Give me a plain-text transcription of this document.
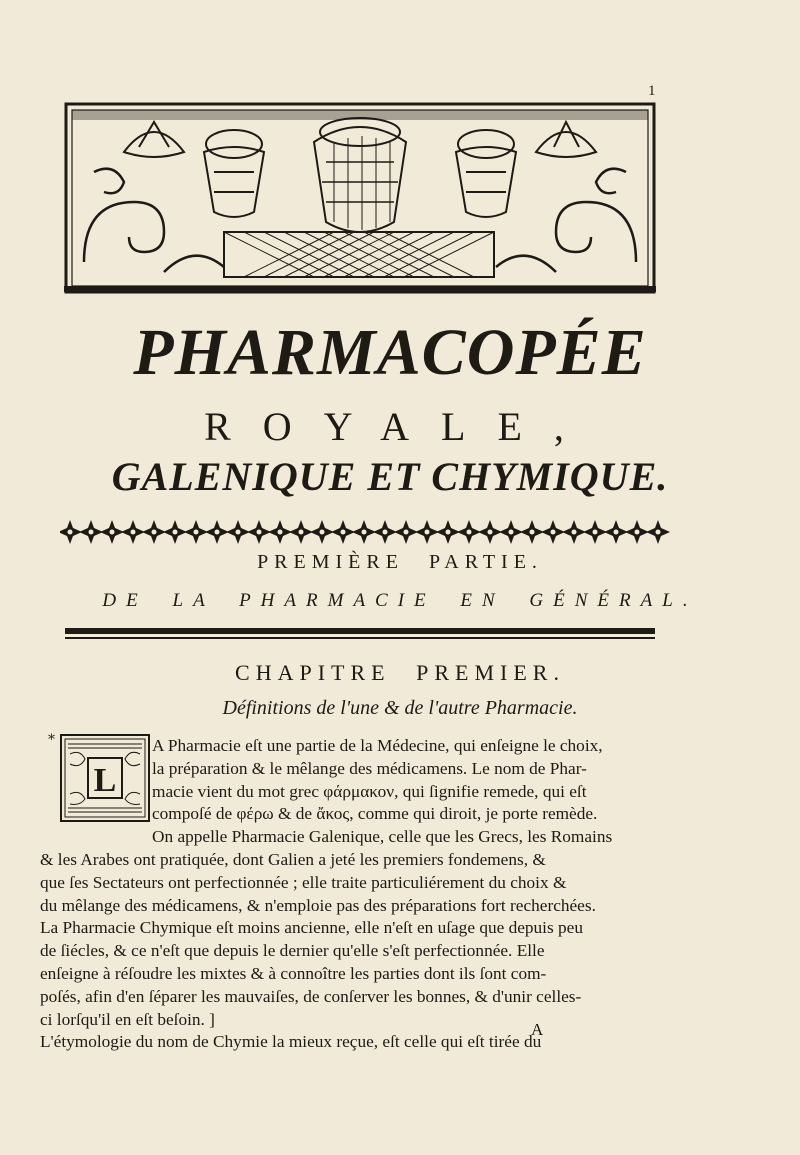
1
PHARMACOPÉE
ROYALE,
GALENIQUE ET CHYMIQUE.
PREMIÈRE PARTIE.
DE LA PHARMACIE EN GÉNÉRAL.
CHAPITRE PREMIER.
Définitions de l'une & de l'autre Pharmacie.
*
L
A Pharmacie eſt une partie de la Médecine, qui enſeigne le choix,
la préparation & le mêlange des médicamens. Le nom de Phar-
macie vient du mot grec φάρμακον, qui ſignifie remede, qui eſt
compoſé de φέρω & de ἄκος, comme qui diroit, je porte remède.
On appelle Pharmacie Galenique, celle que les Grecs, les Romains
& les Arabes ont pratiquée, dont Galien a jeté les premiers fondemens, &
que ſes Sectateurs ont perfectionnée ; elle traite particuliérement du choix &
du mêlange des médicamens, & n'emploie pas des préparations fort recherchées.
La Pharmacie Chymique eſt moins ancienne, elle n'eſt en uſage que depuis peu
de ſiécles, & ce n'eſt que depuis le dernier qu'elle s'eſt perfectionnée. Elle
enſeigne à réſoudre les mixtes & à connoître les parties dont ils ſont com-
poſés, afin d'en ſéparer les mauvaiſes, de conſerver les bonnes, & d'unir celles-
ci lorſqu'il en eſt beſoin. ]
L'étymologie du nom de Chymie la mieux reçue, eſt celle qui eſt tirée du
A
